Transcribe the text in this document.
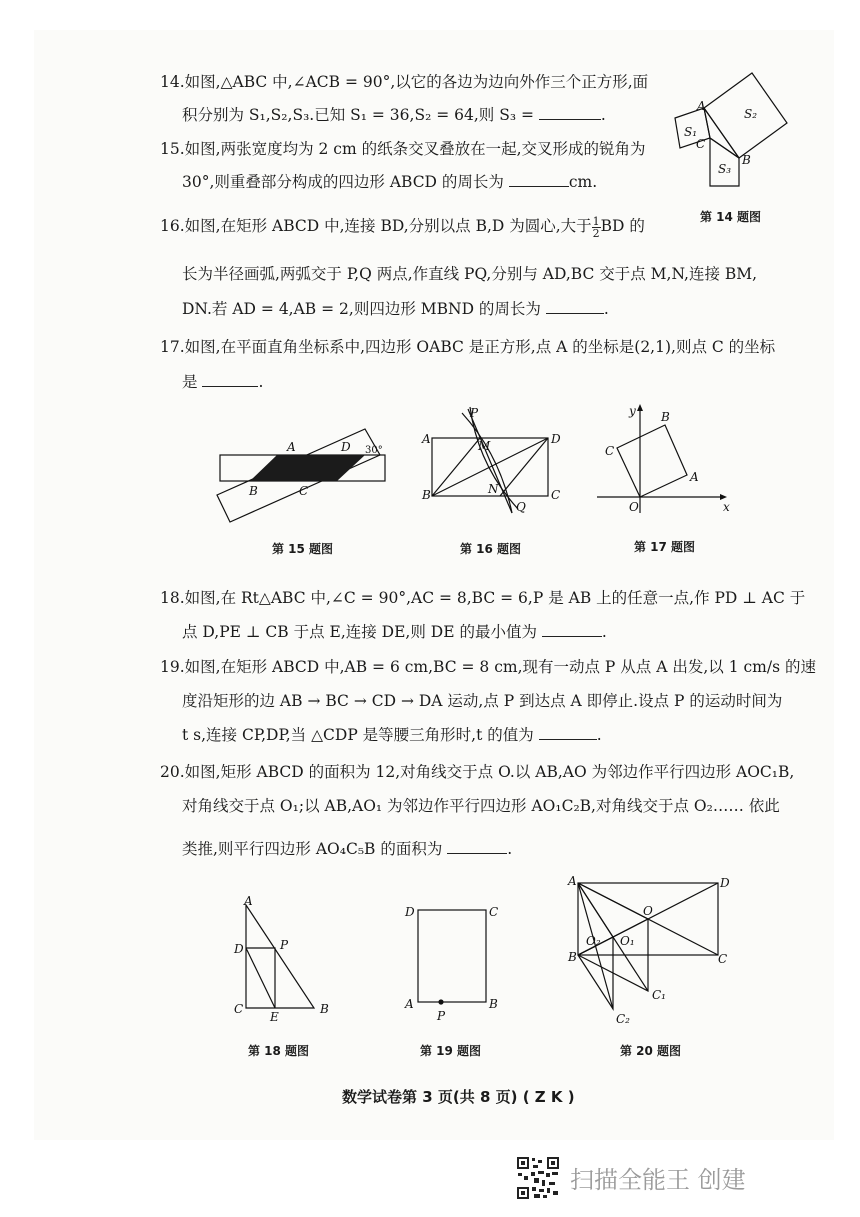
14.如图,△ABC 中,∠ACB = 90°,以它的各边为边向外作三个正方形,面
积分别为 S₁,S₂,S₃.已知 S₁ = 36,S₂ = 64,则 S₃ =	.
15.如图,两张宽度均为 2 cm 的纸条交叉叠放在一起,交叉形成的锐角为
30°,则重叠部分构成的四边形 ABCD 的周长为	cm.
16.如图,在矩形 ABCD 中,连接 BD,分别以点 B,D 为圆心,大于 $\frac{1}{2}$ BD 的
长为半径画弧,两弧交于 P,Q 两点,作直线 PQ,分别与 AD,BC 交于点 M,N,连接 BM,
DN.若 AD = 4,AB = 2,则四边形 MBND 的周长为	.
17.如图,在平面直角坐标系中,四边形 OABC 是正方形,点 A 的坐标是(2,1),则点 C 的坐标
是	.
18.如图,在 Rt△ABC 中,∠C = 90°,AC = 8,BC = 6,P 是 AB 上的任意一点,作 PD ⊥ AC 于
点 D,PE ⊥ CB 于点 E,连接 DE,则 DE 的最小值为	.
19.如图,在矩形 ABCD 中,AB = 6 cm,BC = 8 cm,现有一动点 P 从点 A 出发,以 1 cm/s 的速
度沿矩形的边 AB → BC → CD → DA 运动,点 P 到达点 A 即停止.设点 P 的运动时间为
t s,连接 CP,DP,当 △CDP 是等腰三角形时,t 的值为	.
20.如图,矩形 ABCD 的面积为 12,对角线交于点 O.以 AB,AO 为邻边作平行四边形 AOC₁B,
对角线交于点 O₁;以 AB,AO₁ 为邻边作平行四边形 AO₁C₂B,对角线交于点 O₂…… 依此
类推,则平行四边形 AO₄C₅B 的面积为	.
A
B
C
S₁
S₂
S₃
第 14 题图
A	D
B	C
30°
第 15 题图
A
B	C
D
M
N
P
Q
第 16 题图
O
A
B
C
x
y
第 17 题图
A
D	P
C
E
B
第 18 题图
D	C
A	B
P
第 19 题图
A	D
B	C
O
O₁
O₂
C₁
C₂
第 20 题图
数学试卷第 3 页(共 8 页) ( Z K )
扫描全能王 创建
